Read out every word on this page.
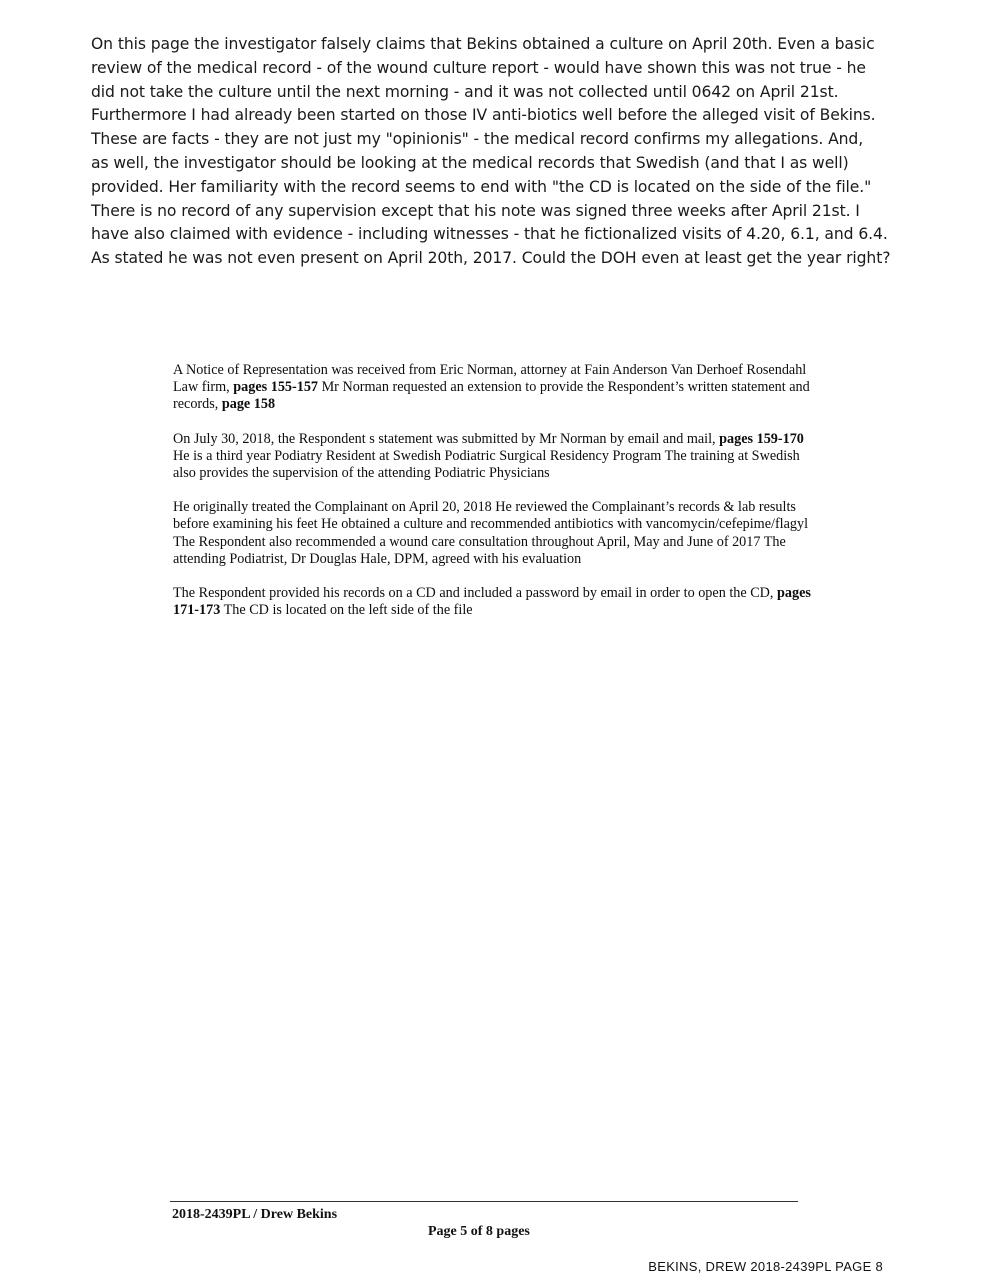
On this page the investigator falsely claims that Bekins obtained a culture on April 20th. Even a basic

review of the medical record - of the wound culture report - would have shown this was not true - he

did not take the culture until the next morning - and it was not collected until 0642 on April 21st.

Furthermore I had already been started on those IV anti-biotics well before the alleged visit of Bekins.

These are facts - they are not just my "opinionis" - the medical record confirms my allegations. And,

as well, the investigator should be looking at the medical records that Swedish (and that I as well)

provided. Her familiarity with the record seems to end with "the CD is located on the side of the file."

There is no record of any supervision except that his note was signed three weeks after April 21st. I

have also claimed with evidence - including witnesses - that he fictionalized visits of 4.20, 6.1, and 6.4.

As stated he was not even present on April 20th, 2017. Could the DOH even at least get the year right?

A Notice of Representation was received from Eric Norman, attorney at Fain Anderson Van Derhoef Rosendahl Law firm, pages 155-157 Mr Norman requested an extension to provide the Respondent’s written statement and records, page 158

On July 30, 2018, the Respondent s statement was submitted by Mr Norman by email and mail, pages 159-170 He is a third year Podiatry Resident at Swedish Podiatric Surgical Residency Program The training at Swedish also provides the supervision of the attending Podiatric Physicians

He originally treated the Complainant on April 20, 2018 He reviewed the Complainant’s records & lab results before examining his feet He obtained a culture and recommended antibiotics with vancomycin/cefepime/flagyl The Respondent also recommended a wound care consultation throughout April, May and June of 2017 The attending Podiatrist, Dr Douglas Hale, DPM, agreed with his evaluation

The Respondent provided his records on a CD and included a password by email in order to open the CD, pages 171-173 The CD is located on the left side of the file

2018-2439PL / Drew Bekins
Page 5 of 8 pages
BEKINS, DREW 2018-2439PL PAGE 8
